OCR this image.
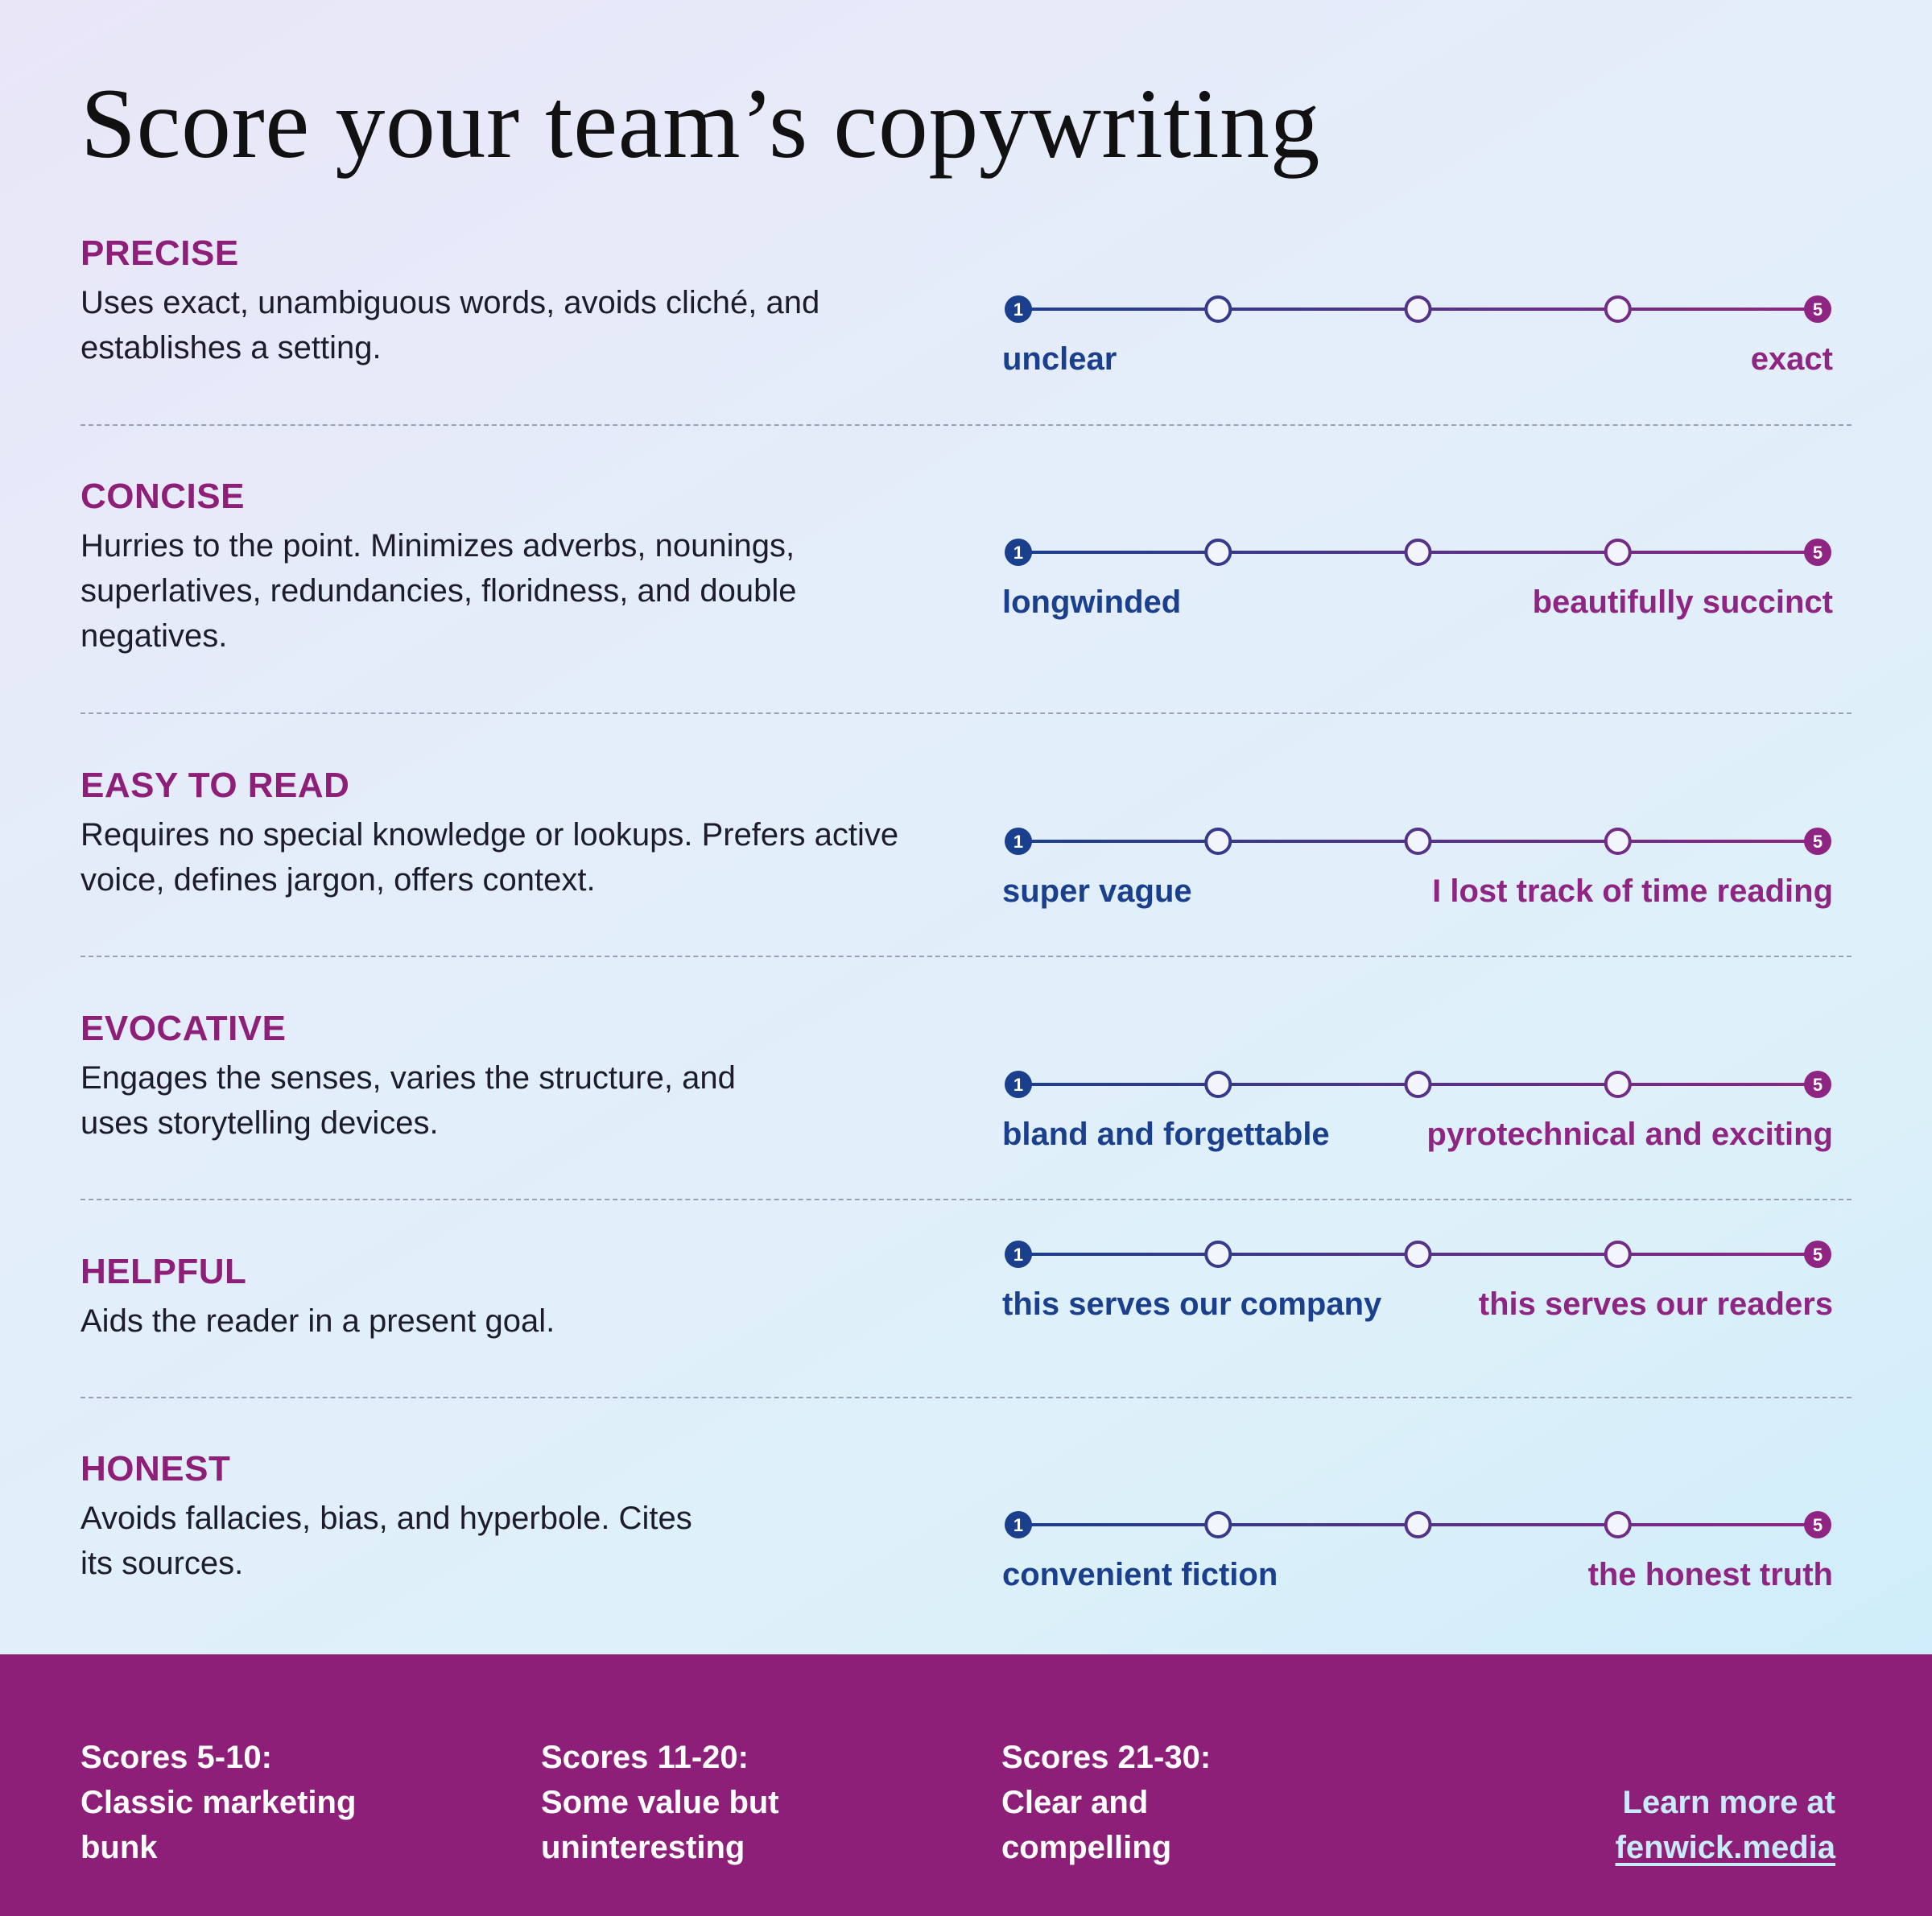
Score your team’s copywriting
PRECISE
Uses exact, unambiguous words, avoids cliché, and establishes a setting.
1	5
unclear	exact
CONCISE
Hurries to the point. Minimizes adverbs, nounings, superlatives, redundancies, floridness, and double negatives.
1	5
longwinded	beautifully succinct
EASY TO READ
Requires no special knowledge or lookups. Prefers active voice, defines jargon, offers context.
1	5
super vague	I lost track of time reading
EVOCATIVE
Engages the senses, varies the structure, and uses storytelling devices.
1	5
bland and forgettable	pyrotechnical and exciting
HELPFUL
Aids the reader in a present goal.
1	5
this serves our company	this serves our readers
HONEST
Avoids fallacies, bias, and hyperbole. Cites its sources.
1	5
convenient fiction	the honest truth
Scores 5-10:
Classic marketing
bunk
Scores 11-20:
Some value but
uninteresting
Scores 21-30:
Clear and
compelling
Learn more at
fenwick.media
